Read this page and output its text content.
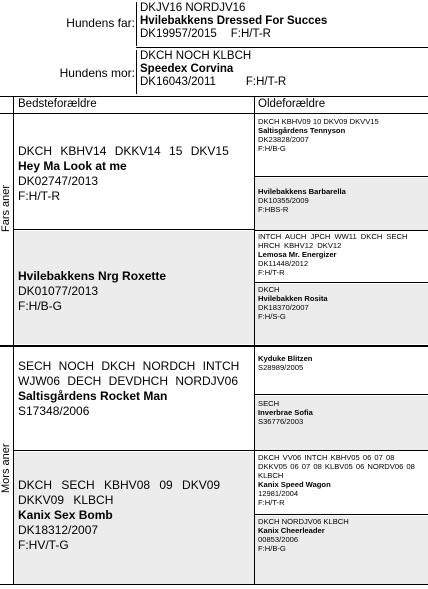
Hundens far:
DKJV16 NORDJV16
Hvilebakkens Dressed For Succes
DK19957/2015 F:H/T-R
Hundens mor:
DKCH NOCH KLBCH
Speedex Corvina
DK16043/2011	F:H/T-R
Bedsteforældre	Oldeforældre
Fars aner
Mors aner
DKCH KBHV14 DKKV14 15 DKV15
Hey Ma Look at me
DK02747/2013
F:H/T-R
Hvilebakkens Nrg Roxette
DK01077/2013
F:H/B-G
SECH NOCH DKCH NORDCH INTCH WJW06 DECH DEVDHCH NORDJV06
Saltisgårdens Rocket Man
S17348/2006
DKCH SECH KBHV08 09 DKV09 DKKV09 KLBCH
Kanix Sex Bomb
DK18312/2007
F:HV/T-G
DKCH KBHV09 10 DKV09 DKVV15
Saltisgårdens Tennyson
DK23828/2007
F:H/B-G
Hvilebakkens Barbarella
DK10355/2009
F:HBS-R
INTCH AUCH JPCH WW11 DKCH SECH HRCH KBHV12 DKV12
Lemosa Mr. Energizer
DK11448/2012
F:H/T-R
DKCH
Hvilebakken Rosita
DK18370/2007
F:H/S-G
Kyduke Blitzen
S28989/2005
SECH
Inverbrae Sofia
S36776/2003
DKCH VV06 INTCH KBHV05 06 07 08 DKKV05 06 07 08 KLBV05 06 NORDV06 08 KLBCH
Kanix Speed Wagon
12981/2004
F:H/T-R
DKCH NORDJV06 KLBCH
Kanix Cheerleader
00853/2006
F:H/B-G
